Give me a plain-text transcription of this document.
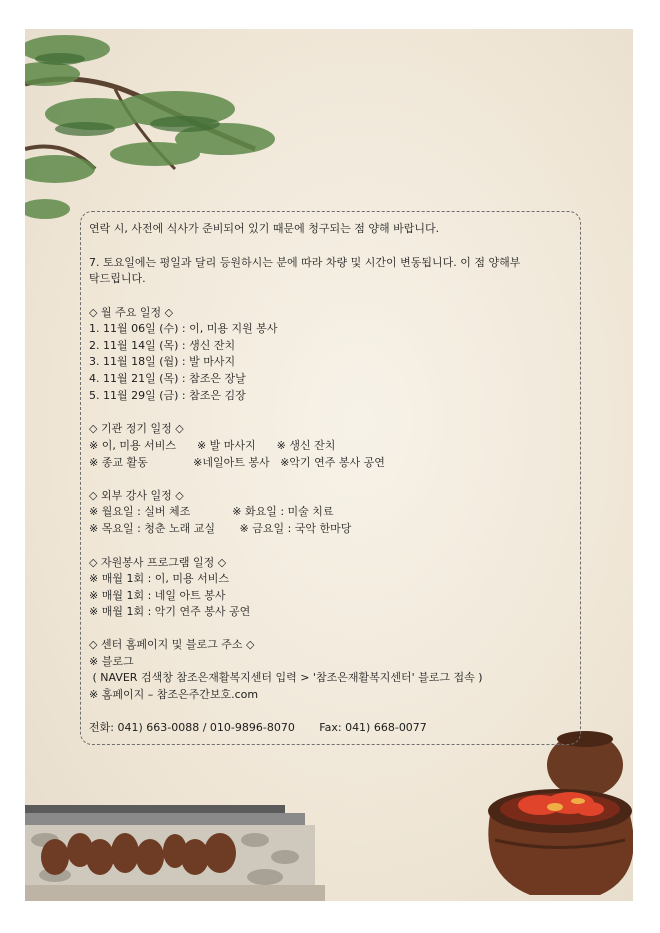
연락 시, 사전에 식사가 준비되어 있기 때문에 청구되는 점 양해 바랍니다.
7. 토요일에는 평일과 달리 등원하시는 분에 따라 차량 및 시간이 변동됩니다. 이 점 양해부
탁드립니다.
◇ 월 주요 일정 ◇
1. 11월 06일 (수) : 이, 미용 지원 봉사
2. 11월 14일 (목) : 생신 잔치
3. 11월 18일 (월) : 발 마사지
4. 11월 21일 (목) : 참조은 장날
5. 11월 29일 (금) : 참조은 김장
◇ 기관 정기 일정 ◇
※ 이, 미용 서비스      ※ 발 마사지      ※ 생신 잔치
※ 종교 활동             ※네일아트 봉사   ※악기 연주 봉사 공연
◇ 외부 강사 일정 ◇
※ 월요일 : 실버 체조            ※ 화요일 : 미술 치료
※ 목요일 : 청춘 노래 교실       ※ 금요일 : 국악 한마당
◇ 자원봉사 프로그램 일정 ◇
※ 매월 1회 : 이, 미용 서비스
※ 매월 1회 : 네일 아트 봉사
※ 매월 1회 : 악기 연주 봉사 공연
◇ 센터 홈페이지 및 블로그 주소 ◇
※ 블로그
( NAVER 검색창 참조은재활복지센터 입력 > '참조은재활복지센터' 블로그 접속 )
※ 홈페이지 – 참조은주간보호.com
전화: 041) 663-0088 / 010-9896-8070       Fax: 041) 668-0077
